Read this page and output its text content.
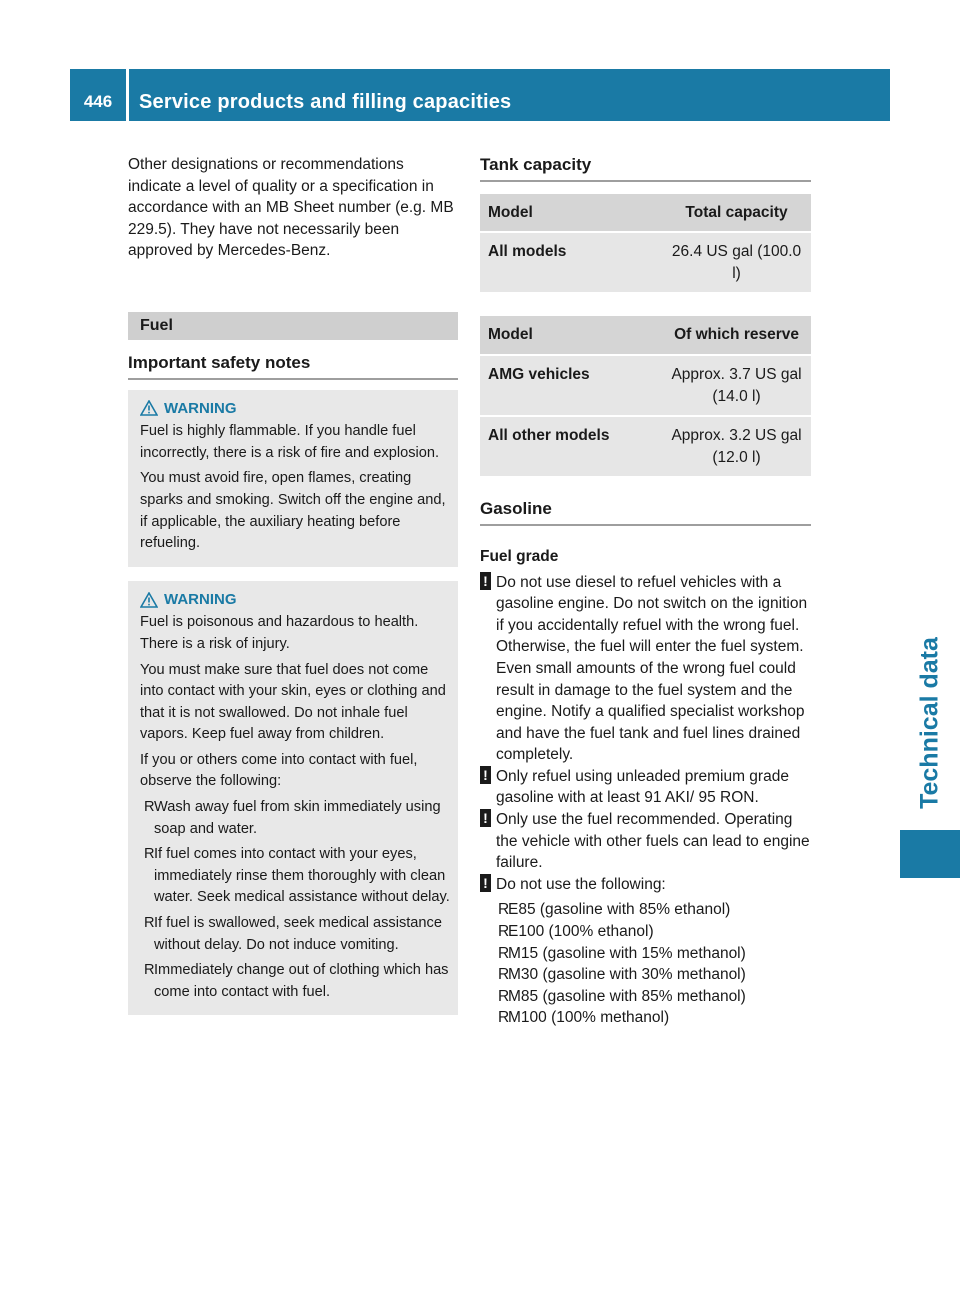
446	Service products and filling capacities
Technical data

Other designations or recommendations indicate a level of quality or a specification in accordance with an MB Sheet number (e.g. MB 229.5). They have not necessarily been approved by Mercedes-Benz.

Fuel
Important safety notes
WARNING

Fuel is highly flammable. If you handle fuel incorrectly, there is a risk of fire and explosion.

You must avoid fire, open flames, creating sparks and smoking. Switch off the engine and, if applicable, the auxiliary heating before refueling.

WARNING

Fuel is poisonous and hazardous to health. There is a risk of injury.

You must make sure that fuel does not come into contact with your skin, eyes or clothing and that it is not swallowed. Do not inhale fuel vapors. Keep fuel away from children.

If you or others come into contact with fuel, observe the following:

R Wash away fuel from skin immediately using soap and water.

R If fuel comes into contact with your eyes, immediately rinse them thoroughly with clean water. Seek medical assistance without delay.

R If fuel is swallowed, seek medical assistance without delay. Do not induce vomiting.

R Immediately change out of clothing which has come into contact with fuel.

Tank capacity
Model	Total capacity

All models	26.4 US gal (100.0 l)
Model	Of which reserve

AMG vehicles	Approx. 3.7 US gal (14.0 l)

All other models	Approx. 3.2 US gal (12.0 l)
Gasoline
Fuel grade

! Do not use diesel to refuel vehicles with a gasoline engine. Do not switch on the ignition if you accidentally refuel with the wrong fuel. Otherwise, the fuel will enter the fuel system. Even small amounts of the wrong fuel could result in damage to the fuel system and the engine. Notify a qualified specialist workshop and have the fuel tank and fuel lines drained completely.

! Only refuel using unleaded premium grade gasoline with at least 91 AKI/ 95 RON.

! Only use the fuel recommended. Operating the vehicle with other fuels can lead to engine failure.

! Do not use the following:

R
E85 (gasoline with 85% ethanol)

R
E100 (100% ethanol)

R
M15 (gasoline with 15% methanol)

R
M30 (gasoline with 30% methanol)

R
M85 (gasoline with 85% methanol)

R
M100 (100% methanol)
